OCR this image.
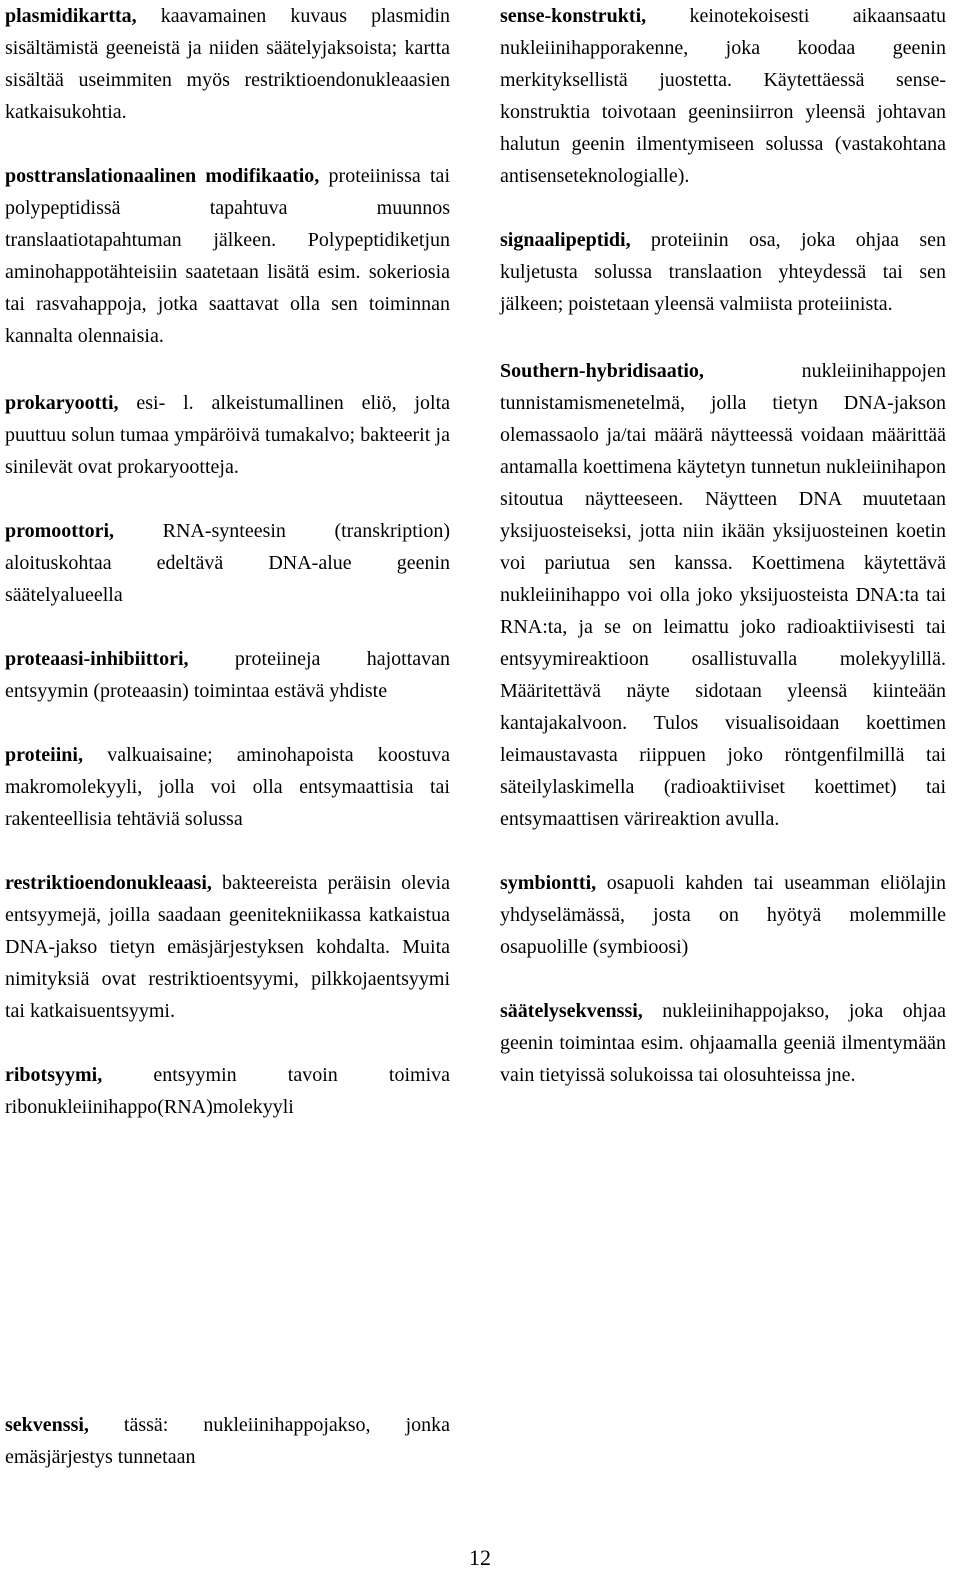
plasmidikartta, kaavamainen kuvaus plasmidin sisältämistä geeneistä ja niiden säätelyjaksoista; kartta sisältää useimmiten myös restriktioendonukleaasien katkaisukohtia.

posttranslationaalinen modifikaatio, proteiinissa tai polypeptidissä tapahtuva muunnos translaatiotapahtuman jälkeen. Polypeptidiketjun aminohappotähteisiin saatetaan lisätä esim. sokeriosia tai rasvahappoja, jotka saattavat olla sen toiminnan kannalta olennaisia.

prokaryootti, esi- l. alkeistumallinen eliö, jolta puuttuu solun tumaa ympäröivä tumakalvo; bakteerit ja sinilevät ovat prokaryootteja.

promoottori, RNA-synteesin (transkription) aloituskohtaa edeltävä DNA-alue geenin säätelyalueella

proteaasi-inhibiittori, proteiineja hajottavan entsyymin (proteaasin) toimintaa estävä yhdiste

proteiini, valkuaisaine; aminohapoista koostuva makromolekyyli, jolla voi olla entsymaattisia tai rakenteellisia tehtäviä solussa

restriktioendonukleaasi, bakteereista peräisin olevia entsyymejä, joilla saadaan geenitekniikassa katkaistua DNA-jakso tietyn emäsjärjestyksen kohdalta. Muita nimityksiä ovat restriktioentsyymi, pilkkojaentsyymi tai katkaisuentsyymi.

ribotsyymi,	entsyymin tavoin toimiva ribonukleiinihappo(RNA)molekyyli

sekvenssi, tässä: nukleiinihappojakso, jonka emäsjärjestys tunnetaan

sense-konstrukti, keinotekoisesti aikaansaatu nukleiinihapporakenne, joka koodaa geenin merkityksellistä juostetta. Käytettäessä sense-konstruktia toivotaan geeninsiirron yleensä johtavan halutun geenin ilmentymiseen solussa (vastakohtana antisenseteknologialle).

signaalipeptidi, proteiinin osa, joka ohjaa sen kuljetusta solussa translaation yhteydessä tai sen jälkeen; poistetaan yleensä valmiista proteiinista.

Southern-hybridisaatio,	nukleiinihappojen tunnistamismenetelmä, jolla tietyn DNA-jakson olemassaolo ja/tai määrä näytteessä voidaan määrittää antamalla koettimena käytetyn tunnetun nukleiinihapon sitoutua näytteeseen. Näytteen DNA muutetaan yksijuosteiseksi, jotta niin ikään yksijuosteinen koetin voi pariutua sen kanssa. Koettimena käytettävä nukleiinihappo voi olla joko yksijuosteista DNA:ta tai RNA:ta, ja se on leimattu joko radioaktiivisesti tai entsyymireaktioon osallistuvalla molekyylillä. Määritettävä näyte sidotaan yleensä kiinteään kantajakalvoon. Tulos visualisoidaan koettimen leimaustavasta riippuen joko röntgenfilmillä tai säteilylaskimella (radioaktiiviset koettimet) tai entsymaattisen värireaktion avulla.

symbiontti, osapuoli kahden tai useamman eliölajin yhdyselämässä, josta on hyötyä molemmille osapuolille (symbioosi)

säätelysekvenssi, nukleiinihappojakso, joka ohjaa geenin toimintaa esim. ohjaamalla geeniä ilmentymään vain tietyissä solukoissa tai olosuhteissa jne.

12
